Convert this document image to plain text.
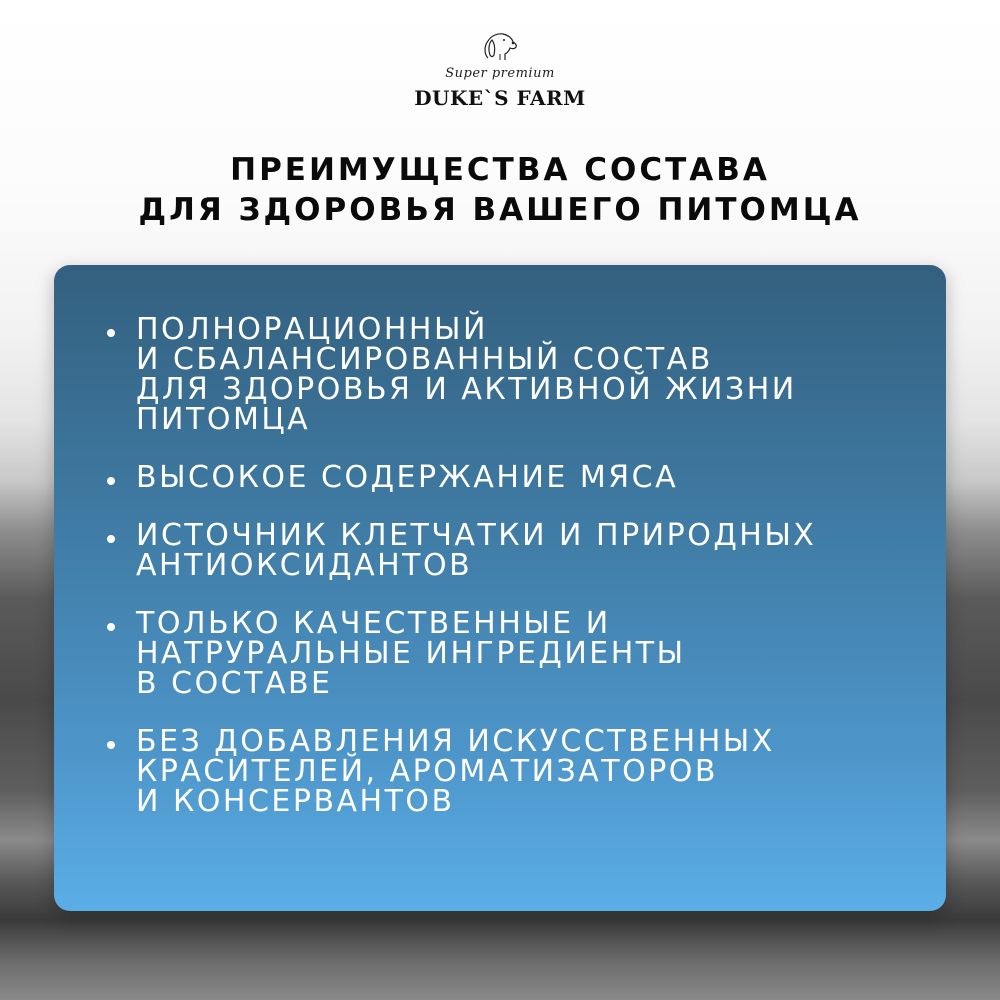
Super premium
DUKE`S FARM
ПРЕИМУЩЕСТВА СОСТАВА
ДЛЯ ЗДОРОВЬЯ ВАШЕГО ПИТОМЦА
ПОЛНОРАЦИОННЫЙ
И СБАЛАНСИРОВАННЫЙ СОСТАВ
ДЛЯ ЗДОРОВЬЯ И АКТИВНОЙ ЖИЗНИ
ПИТОМЦА
ВЫСОКОЕ СОДЕРЖАНИЕ МЯСА
ИСТОЧНИК КЛЕТЧАТКИ И ПРИРОДНЫХ
АНТИОКСИДАНТОВ
ТОЛЬКО КАЧЕСТВЕННЫЕ И
НАТРУРАЛЬНЫЕ ИНГРЕДИЕНТЫ
В СОСТАВЕ
БЕЗ ДОБАВЛЕНИЯ ИСКУССТВЕННЫХ
КРАСИТЕЛЕЙ, АРОМАТИЗАТОРОВ
И КОНСЕРВАНТОВ
